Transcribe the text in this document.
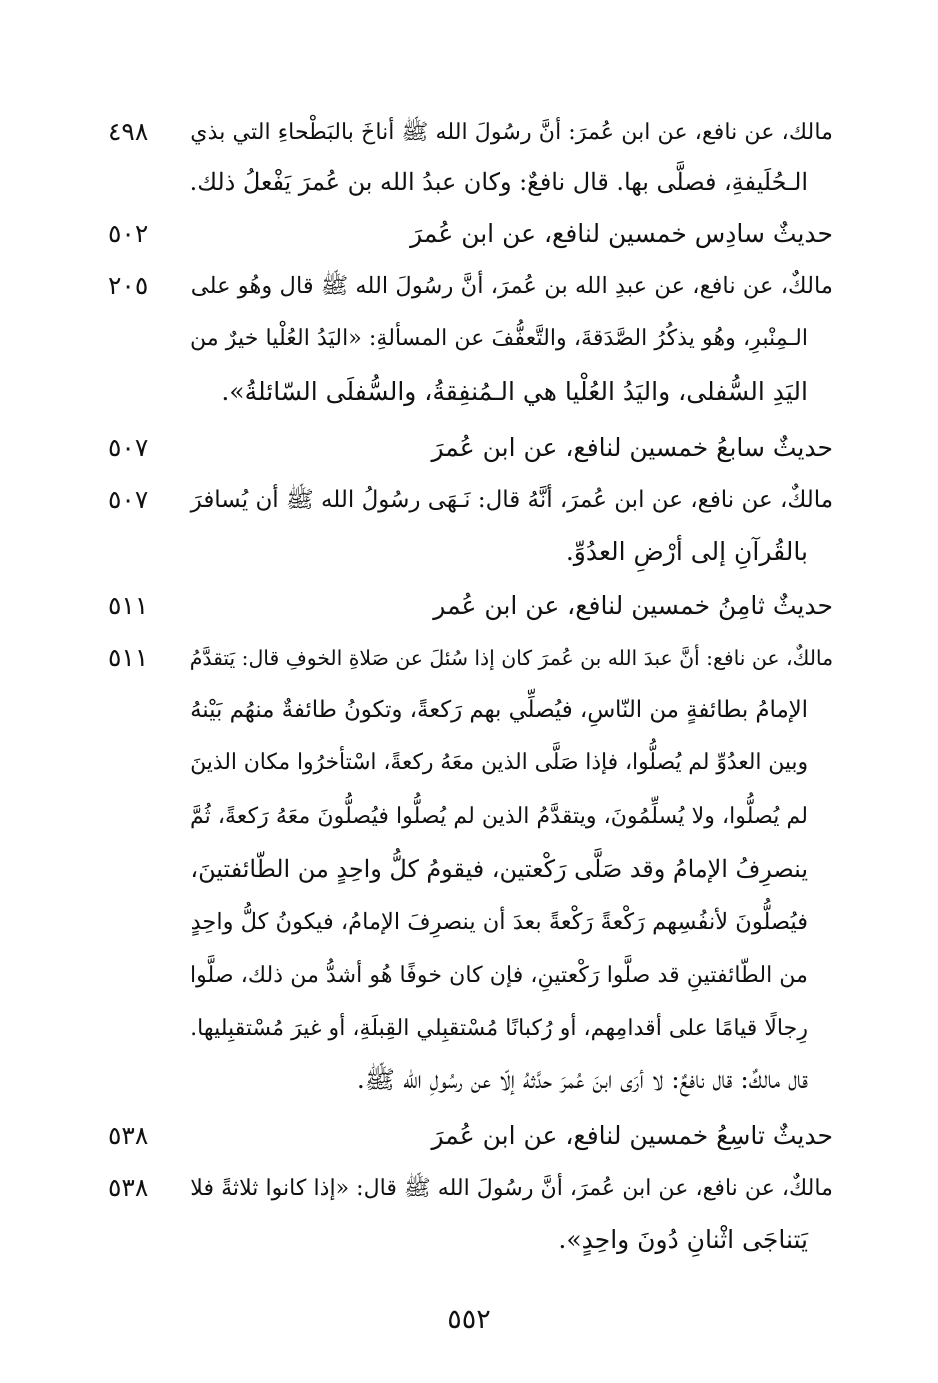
٤٩٨	مالك، عن نافع، عن ابن عُمرَ: أنَّ رسُولَ الله ﷺ أناخَ بالبَطْحاءِ التي بذي
الـحُلَيفةِ، فصلَّى بها. قال نافعٌ: وكان عبدُ الله بن عُمرَ يَفْعلُ ذلك.
٥٠٢	حديثٌ سادِس خمسين لنافع، عن ابن عُمرَ
٢٠٥	مالكٌ، عن نافع، عن عبدِ الله بن عُمرَ، أنَّ رسُولَ الله ﷺ قال وهُو على
الـمِنْبرِ، وهُو يذكُرُ الصَّدَقةَ، والتَّعفُّفَ عن المسألةِ: «اليَدُ العُلْيا خيرٌ من
اليَدِ السُّفلى، واليَدُ العُلْيا هي الـمُنفِقةُ، والسُّفلَى السّائلةُ».
٥٠٧	حديثٌ سابعُ خمسين لنافع، عن ابن عُمرَ
٥٠٧	مالكٌ، عن نافع، عن ابن عُمرَ، أنَّهُ قال: نَـهَى رسُولُ الله ﷺ أن يُسافرَ
بالقُرآنِ إلى أرْضِ العدُوِّ.
٥١١	حديثٌ ثامِنُ خمسين لنافع، عن ابن عُمر
٥١١	مالكٌ، عن نافع: أنَّ عبدَ الله بن عُمرَ كان إذا سُئلَ عن صَلاةِ الخوفِ قال: يَتقدَّمُ
الإمامُ بطائفةٍ من النّاسِ، فيُصلِّي بهم رَكعةً، وتكونُ طائفةٌ منهُم بَيْنهُ
وبين العدُوِّ لم يُصلُّوا، فإذا صَلَّى الذين معَهُ ركعةً، اسْتأخرُوا مكان الذينَ
لم يُصلُّوا، ولا يُسلِّمُونَ، ويتقدَّمُ الذين لم يُصلُّوا فيُصلُّونَ معَهُ رَكعةً، ثُمَّ
ينصرِفُ الإمامُ وقد صَلَّى رَكْعتين، فيقومُ كلُّ واحِدٍ من الطّائفتينَ،
فيُصلُّونَ لأنفُسِهم رَكْعةً رَكْعةً بعدَ أن ينصرِفَ الإمامُ، فيكونُ كلُّ واحِدٍ
من الطّائفتينِ قد صلَّوا رَكْعتينِ، فإن كان خوفًا هُو أشدُّ من ذلك، صلَّوا
رِجالًا قيامًا على أقدامِهم، أو رُكبانًا مُسْتقبِلي القِبلَةِ، أو غيرَ مُسْتقبِليها.
قال مالكٌ: قال نافعٌ: لا أرَى ابنَ عُمرَ حدَّثهُ إلّا عن رسُولِ الله ﷺ.
٥٣٨	حديثٌ تاسِعُ خمسين لنافع، عن ابن عُمرَ
٥٣٨	مالكٌ، عن نافع، عن ابن عُمرَ، أنَّ رسُولَ الله ﷺ قال: «إذا كانوا ثلاثةً فلا
يَتناجَى اثْنانِ دُونَ واحِدٍ».
٥٥٢
